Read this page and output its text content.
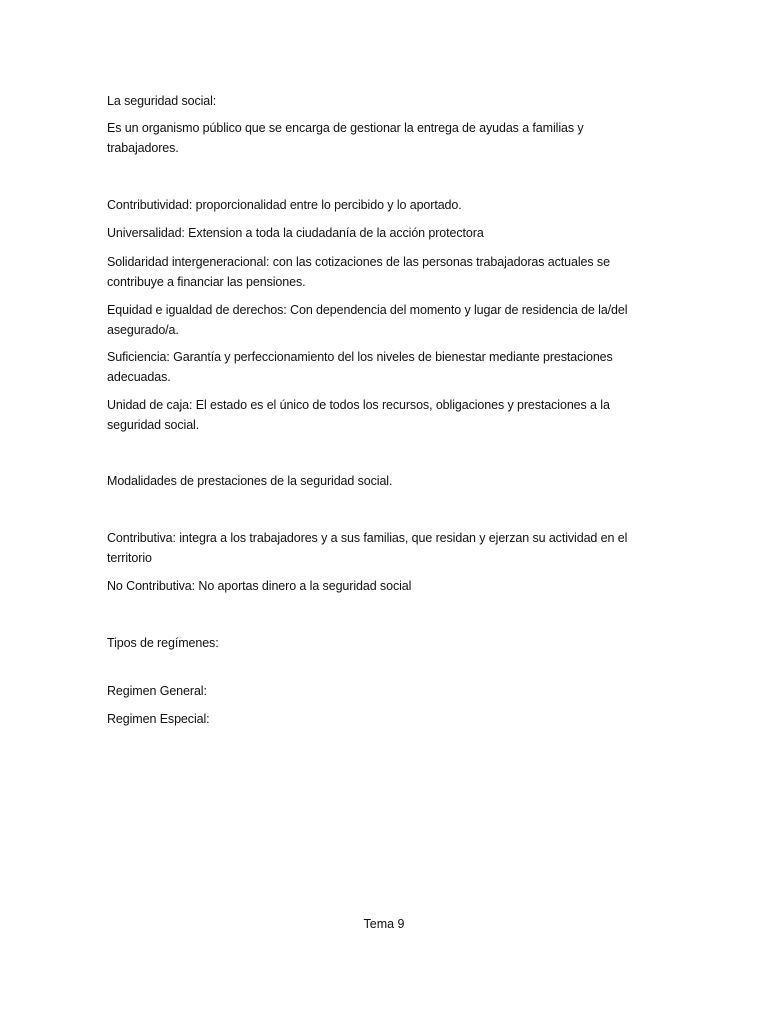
La seguridad social:

Es un organismo público que se encarga de gestionar la entrega de ayudas a familias y trabajadores.

Contributividad: proporcionalidad entre lo percibido y lo aportado.

Universalidad: Extension a toda la ciudadanía de la acción protectora

Solidaridad intergeneracional: con las cotizaciones de las personas trabajadoras actuales se contribuye a financiar las pensiones.

Equidad e igualdad de derechos: Con dependencia del momento y lugar de residencia de la/del asegurado/a.

Suficiencia: Garantía y perfeccionamiento del los niveles de bienestar mediante prestaciones adecuadas.

Unidad de caja: El estado es el único de todos los recursos, obligaciones y prestaciones a la seguridad social.

Modalidades de prestaciones de la seguridad social.

Contributiva: integra a los trabajadores y a sus familias, que residan y ejerzan su actividad en el territorio

No Contributiva: No aportas dinero a la seguridad social

Tipos de regímenes:

Regimen General:

Regimen Especial:

Tema 9
